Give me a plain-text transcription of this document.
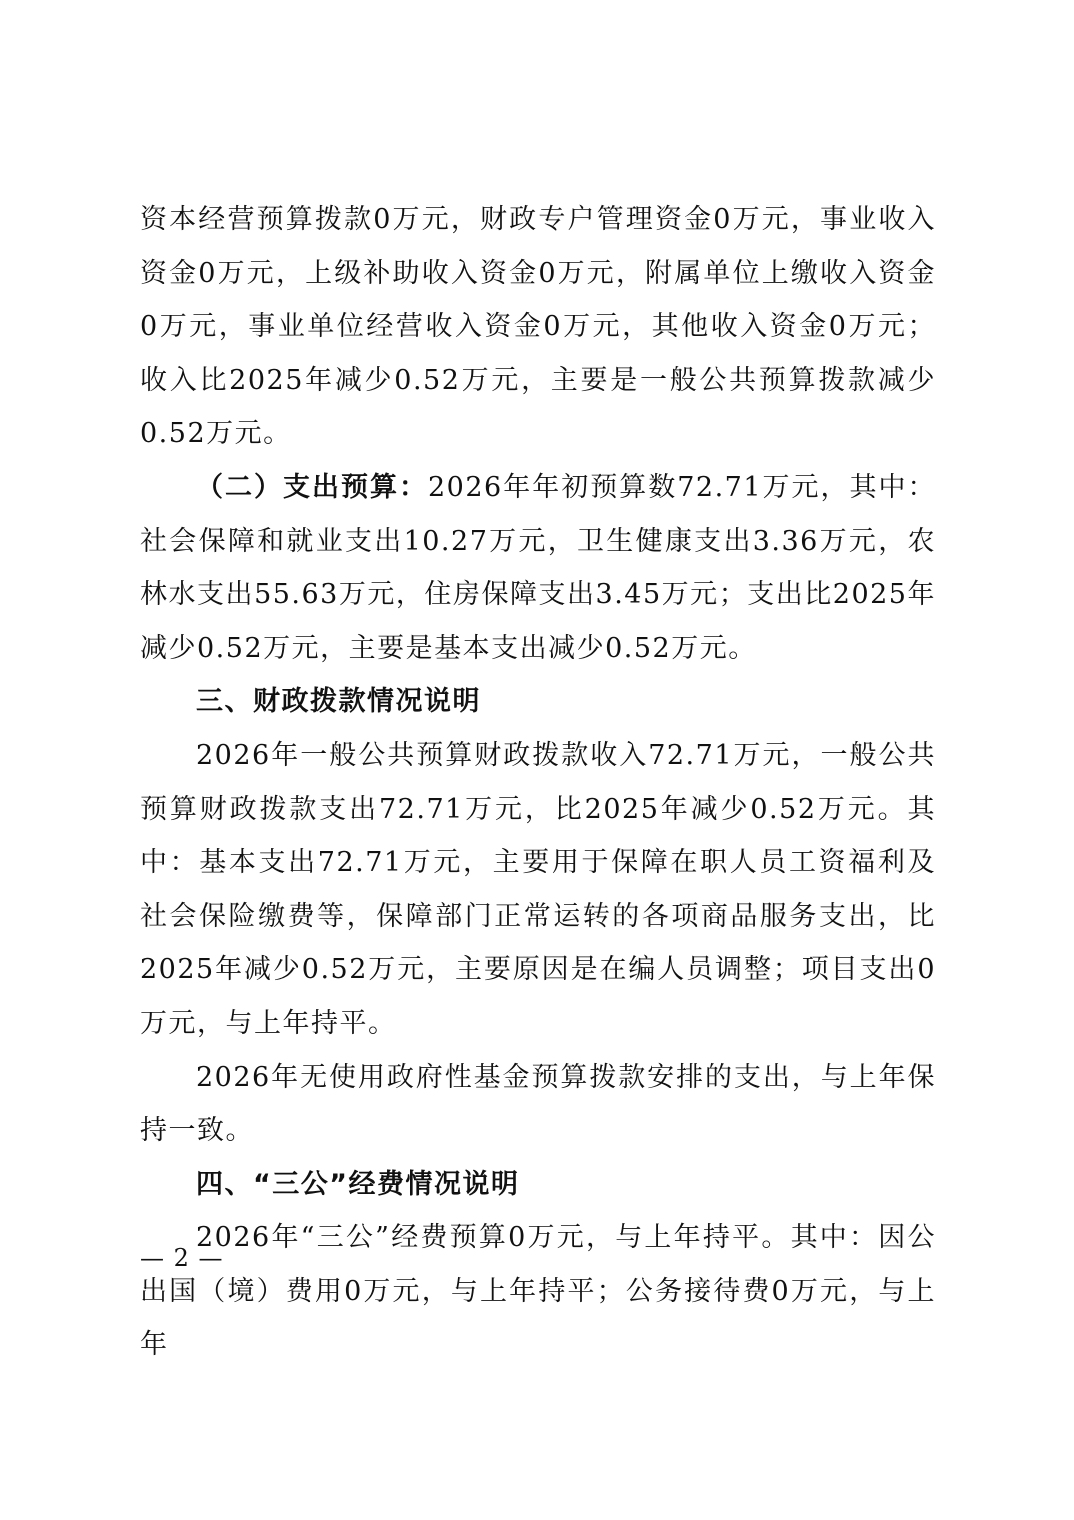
资本经营预算拨款0万元，财政专户管理资金0万元，事业收入资金0万元，上级补助收入资金0万元，附属单位上缴收入资金0万元，事业单位经营收入资金0万元，其他收入资金0万元；收入比2025年减少0.52万元，主要是一般公共预算拨款减少0.52万元。

（二）支出预算：2026年年初预算数72.71万元，其中：社会保障和就业支出10.27万元，卫生健康支出3.36万元，农林水支出55.63万元，住房保障支出3.45万元；支出比2025年减少0.52万元，主要是基本支出减少0.52万元。

三、财政拨款情况说明

2026年一般公共预算财政拨款收入72.71万元，一般公共预算财政拨款支出72.71万元，比2025年减少0.52万元。其中：基本支出72.71万元，主要用于保障在职人员工资福利及社会保险缴费等，保障部门正常运转的各项商品服务支出，比2025年减少0.52万元，主要原因是在编人员调整；项目支出0万元，与上年持平。

2026年无使用政府性基金预算拨款安排的支出，与上年保持一致。

四、“三公”经费情况说明

2026年“三公”经费预算0万元，与上年持平。其中：因公出国（境）费用0万元，与上年持平；公务接待费0万元，与上年

— 2 —
